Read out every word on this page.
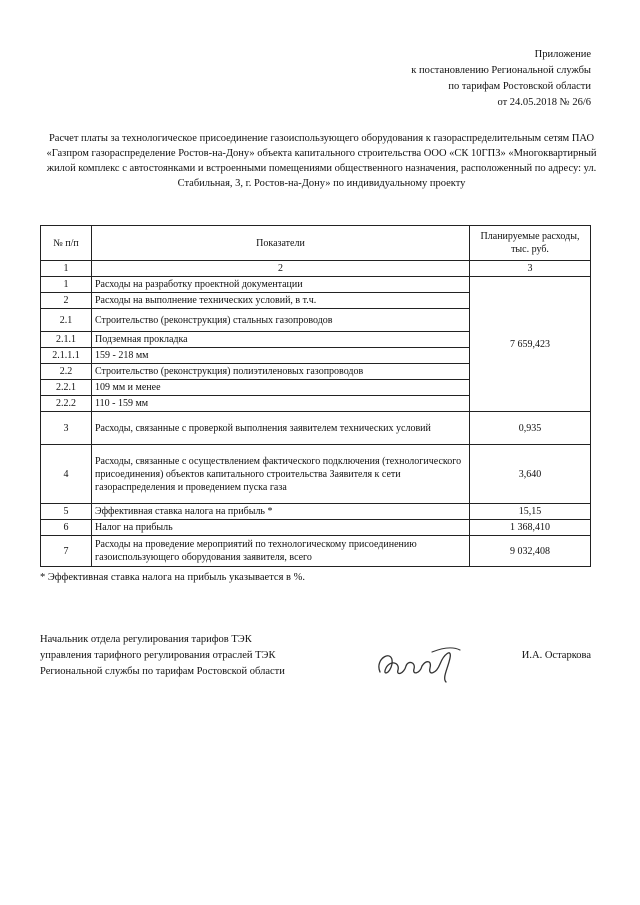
Приложение
к постановлению Региональной службы
по тарифам Ростовской области
от 24.05.2018 № 26/6
Расчет платы за технологическое присоединение газоиспользующего оборудования к газораспределительным сетям ПАО «Газпром газораспределение Ростов-на-Дону» объекта капитального строительства ООО «СК 10ГПЗ» «Многоквартирный жилой комплекс с автостоянками и встроенными помещениями общественного назначения, расположенный по адресу: ул. Стабильная, 3, г. Ростов-на-Дону» по индивидуальному проекту
№ п/п	Показатели	Планируемые расходы, тыс. руб.
1	2	3
1	Расходы на разработку проектной документации	7 659,423
2	Расходы на выполнение технических условий, в т.ч.	
2.1	Строительство (реконструкция) стальных газопроводов	
2.1.1	Подземная прокладка	
2.1.1.1	159 - 218 мм	
2.2	Строительство (реконструкция) полиэтиленовых газопроводов	
2.2.1	109 мм и менее	
2.2.2	110 - 159 мм	
3	Расходы, связанные с проверкой выполнения заявителем технических условий	0,935
4	Расходы, связанные с осуществлением фактического подключения (технологического присоединения) объектов капитального строительства Заявителя к сети газораспределения и проведением пуска газа	3,640
5	Эффективная ставка налога на прибыль *	15,15
6	Налог на прибыль	1 368,410
7	Расходы на проведение мероприятий по технологическому присоединению газоиспользующего оборудования заявителя, всего	9 032,408
* Эффективная ставка налога на прибыль указывается в %.
Начальник отдела регулирования тарифов ТЭК
управления тарифного регулирования отраслей ТЭК
Региональной службы по тарифам Ростовской области
И.А. Остаркова
